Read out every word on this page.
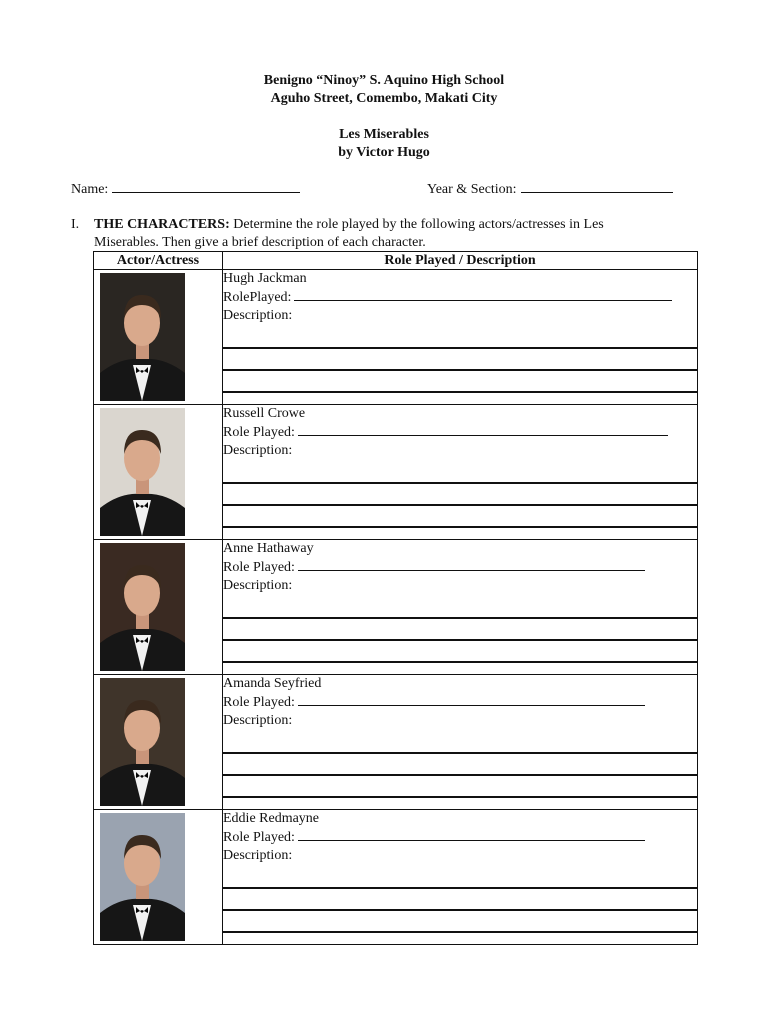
Benigno “Ninoy” S. Aquino High School
Aguho Street, Comembo, Makati City
Les Miserables
by Victor Hugo
Name:	Year & Section:
I. THE CHARACTERS: Determine the role played by the following actors/actresses in Les Miserables. Then give a brief description of each character.
Actor/Actress	Role Played / Description

Hugh Jackman
RolePlayed:
Description:

Russell Crowe
Role Played:
Description:

Anne Hathaway
Role Played:
Description:

Amanda Seyfried
Role Played:
Description:

Eddie Redmayne
Role Played:
Description:
